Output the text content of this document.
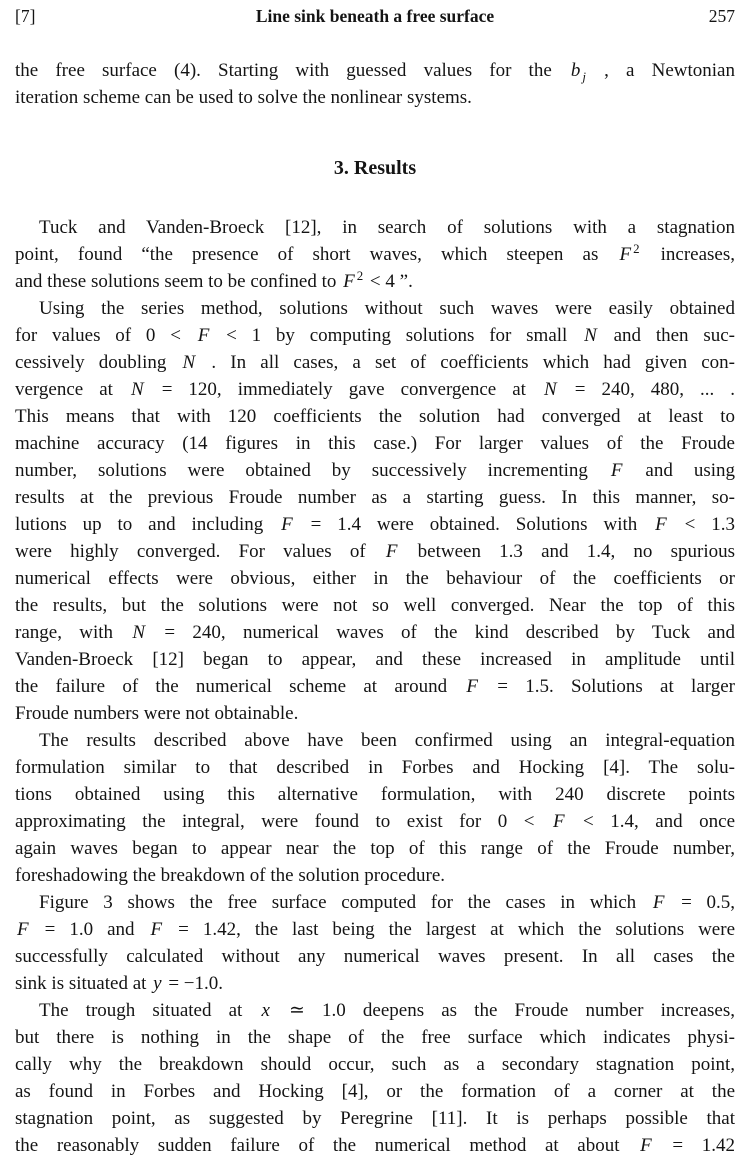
[7]	Line sink beneath a free surface	257
the free surface (4). Starting with guessed values for the b $_j$ , a Newtonian
iteration scheme can be used to solve the nonlinear systems.
3. Results
Tuck and Vanden-Broeck [12], in search of solutions with a stagnation
point, found “the presence of short waves, which steepen as F $^2$ increases,
and these solutions seem to be confined to F $^2$ < 4 ”.
Using the series method, solutions without such waves were easily obtained
for values of 0 < F < 1 by computing solutions for small N and then suc-
cessively doubling N . In all cases, a set of coefficients which had given con-
vergence at N = 120, immediately gave convergence at N = 240, 480, ... .
This means that with 120 coefficients the solution had converged at least to
machine accuracy (14 figures in this case.) For larger values of the Froude
number, solutions were obtained by successively incrementing F and using
results at the previous Froude number as a starting guess. In this manner, so-
lutions up to and including F = 1.4 were obtained. Solutions with F < 1.3
were highly converged. For values of F between 1.3 and 1.4, no spurious
numerical effects were obvious, either in the behaviour of the coefficients or
the results, but the solutions were not so well converged. Near the top of this
range, with N = 240, numerical waves of the kind described by Tuck and
Vanden-Broeck [12] began to appear, and these increased in amplitude until
the failure of the numerical scheme at around F = 1.5. Solutions at larger
Froude numbers were not obtainable.
The results described above have been confirmed using an integral-equation
formulation similar to that described in Forbes and Hocking [4]. The solu-
tions obtained using this alternative formulation, with 240 discrete points
approximating the integral, were found to exist for 0 < F < 1.4, and once
again waves began to appear near the top of this range of the Froude number,
foreshadowing the breakdown of the solution procedure.
Figure 3 shows the free surface computed for the cases in which F = 0.5,
F = 1.0 and F = 1.42, the last being the largest at which the solutions were
successfully calculated without any numerical waves present. In all cases the
sink is situated at y = −1.0.
The trough situated at x ≃ 1.0 deepens as the Froude number increases,
but there is nothing in the shape of the free surface which indicates physi-
cally why the breakdown should occur, such as a secondary stagnation point,
as found in Forbes and Hocking [4], or the formation of a corner at the
stagnation point, as suggested by Peregrine [11]. It is perhaps possible that
the reasonably sudden failure of the numerical method at about F = 1.42
